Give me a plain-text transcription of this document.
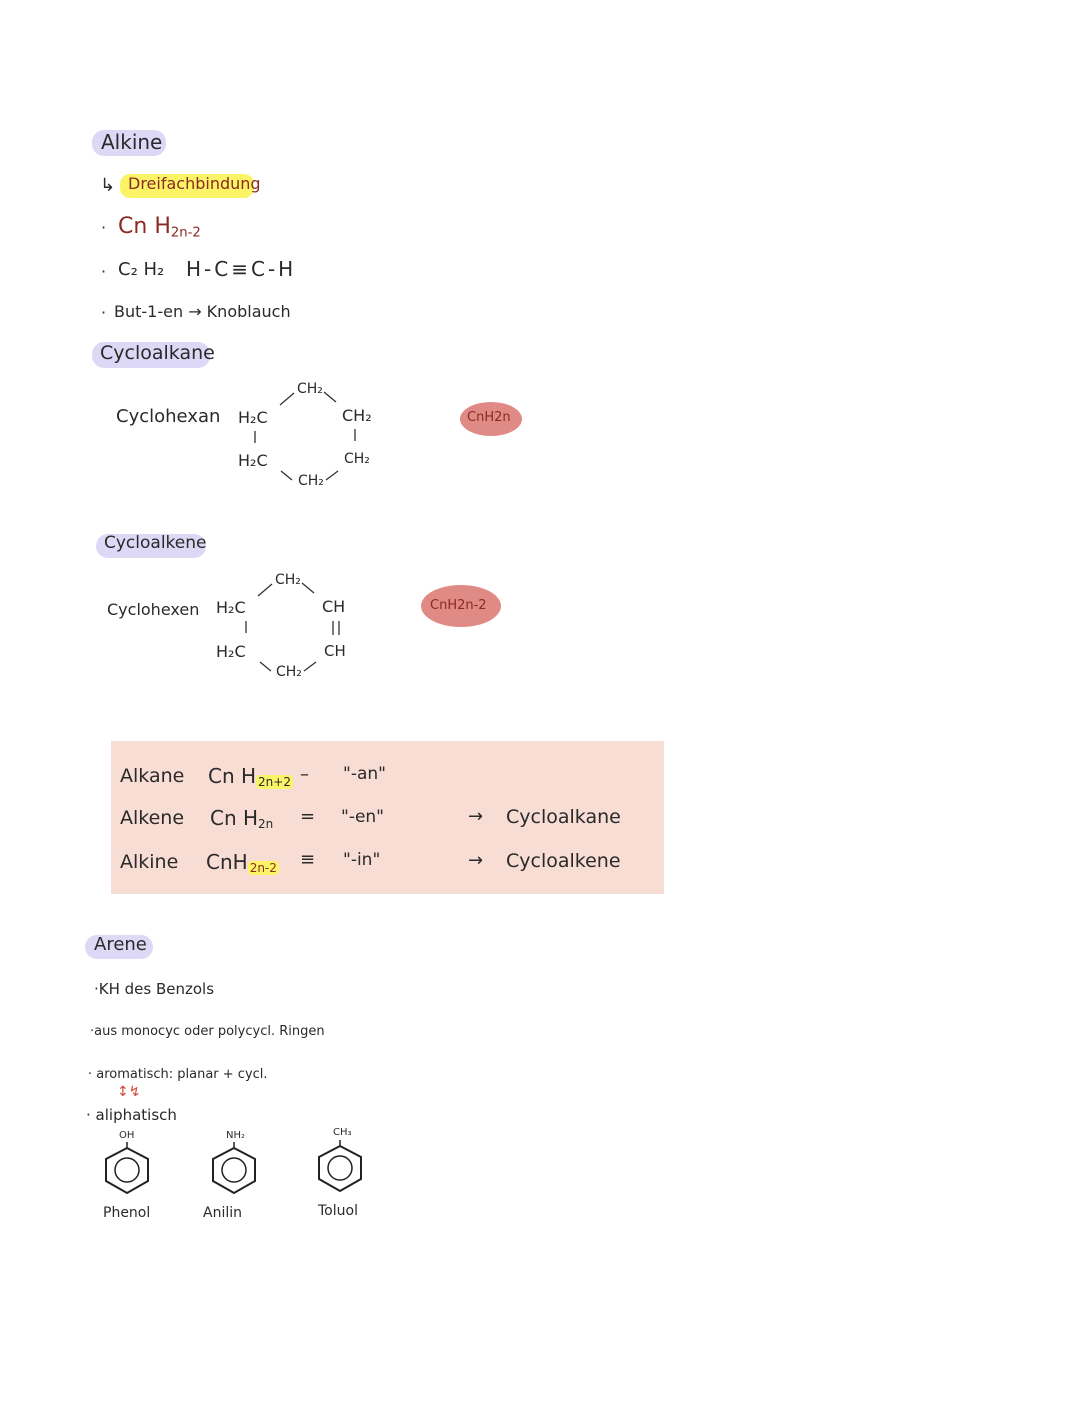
Alkine
↳ Dreifachbindung
· Cn $H_{2n-2}$
· C₂ H₂ H-C≡C-H
· But-1-en → Knoblauch
Cycloalkane
Cyclohexan
CH₂
H₂C	CH₂
H₂C	CH₂
CH₂
CnH2n
Cycloalkene
Cyclohexen
CH₂
H₂C	CH
H₂C	CH
CH₂
CnH2n-2
Alkane Cn H $_{2n+2}$ – "-an"
Alkene Cn $H_{2n}$ = "-en"	→ Cycloalkane
Alkine CnH $_{2n-2}$ ≡ "-in"	→ Cycloalkene
Arene
·KH des Benzols
·aus monocyc oder polycycl. Ringen
· aromatisch: planar + cycl.
↕↯
· aliphatisch
OH
Phenol
NH₂
Anilin
CH₃
Toluol
